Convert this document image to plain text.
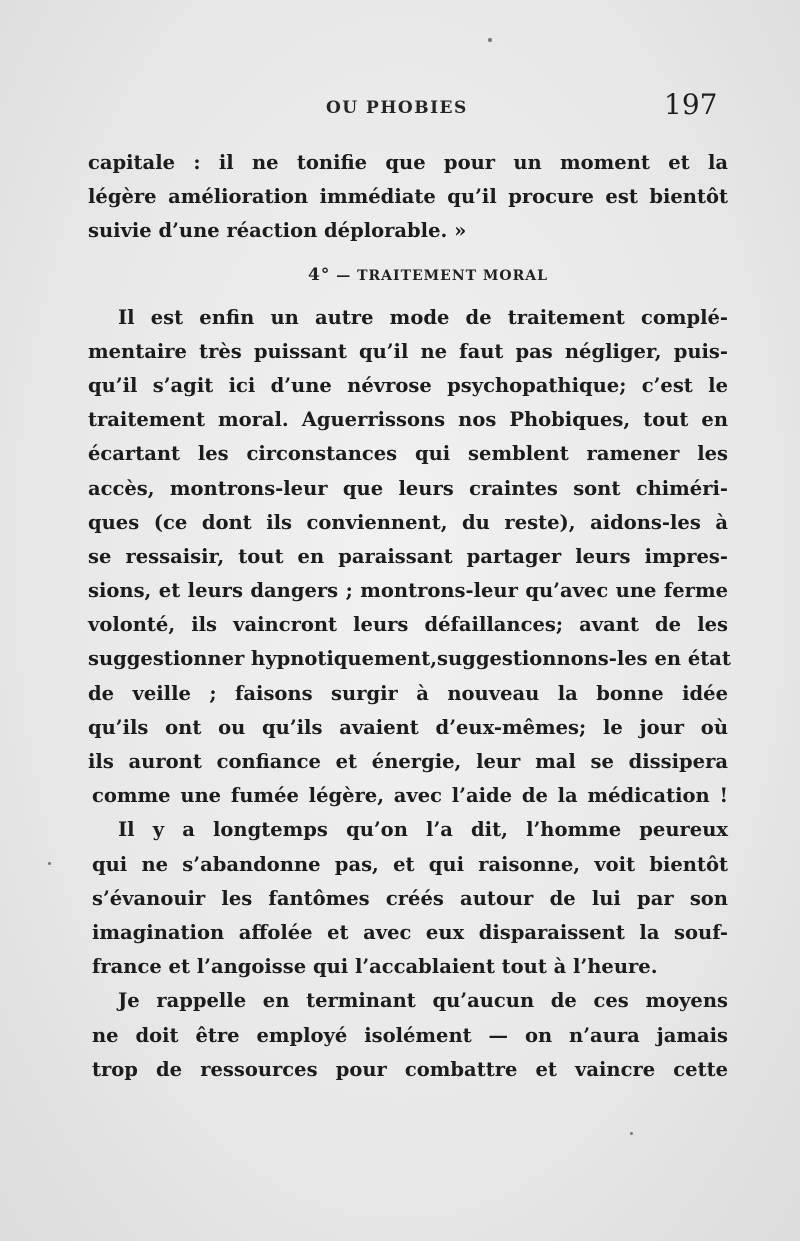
OU PHOBIES	197
capitale : il ne tonifie que pour un moment et la
légère amélioration immédiate qu’il procure est bientôt
suivie d’une réaction déplorable. »
4° — TRAITEMENT MORAL
Il est enfin un autre mode de traitement complé-
mentaire très puissant qu’il ne faut pas négliger, puis-
qu’il s’agit ici d’une névrose psychopathique; c’est le
traitement moral. Aguerrissons nos Phobiques, tout en
écartant les circonstances qui semblent ramener les
accès, montrons-leur que leurs craintes sont chiméri-
ques (ce dont ils conviennent, du reste), aidons-les à
se ressaisir, tout en paraissant partager leurs impres-
sions, et leurs dangers ; montrons-leur qu’avec une ferme
volonté, ils vaincront leurs défaillances; avant de les
suggestionner hypnotiquement,suggestionnons-les en état
de veille ; faisons surgir à nouveau la bonne idée
qu’ils ont ou qu’ils avaient d’eux-mêmes; le jour où
ils auront confiance et énergie, leur mal se dissipera
comme une fumée légère, avec l’aide de la médication !
Il y a longtemps qu’on l’a dit, l’homme peureux
qui ne s’abandonne pas, et qui raisonne, voit bientôt
s’évanouir les fantômes créés autour de lui par son
imagination affolée et avec eux disparaissent la souf-
france et l’angoisse qui l’accablaient tout à l’heure.
Je rappelle en terminant qu’aucun de ces moyens
ne doit être employé isolément — on n’aura jamais
trop de ressources pour combattre et vaincre cette
